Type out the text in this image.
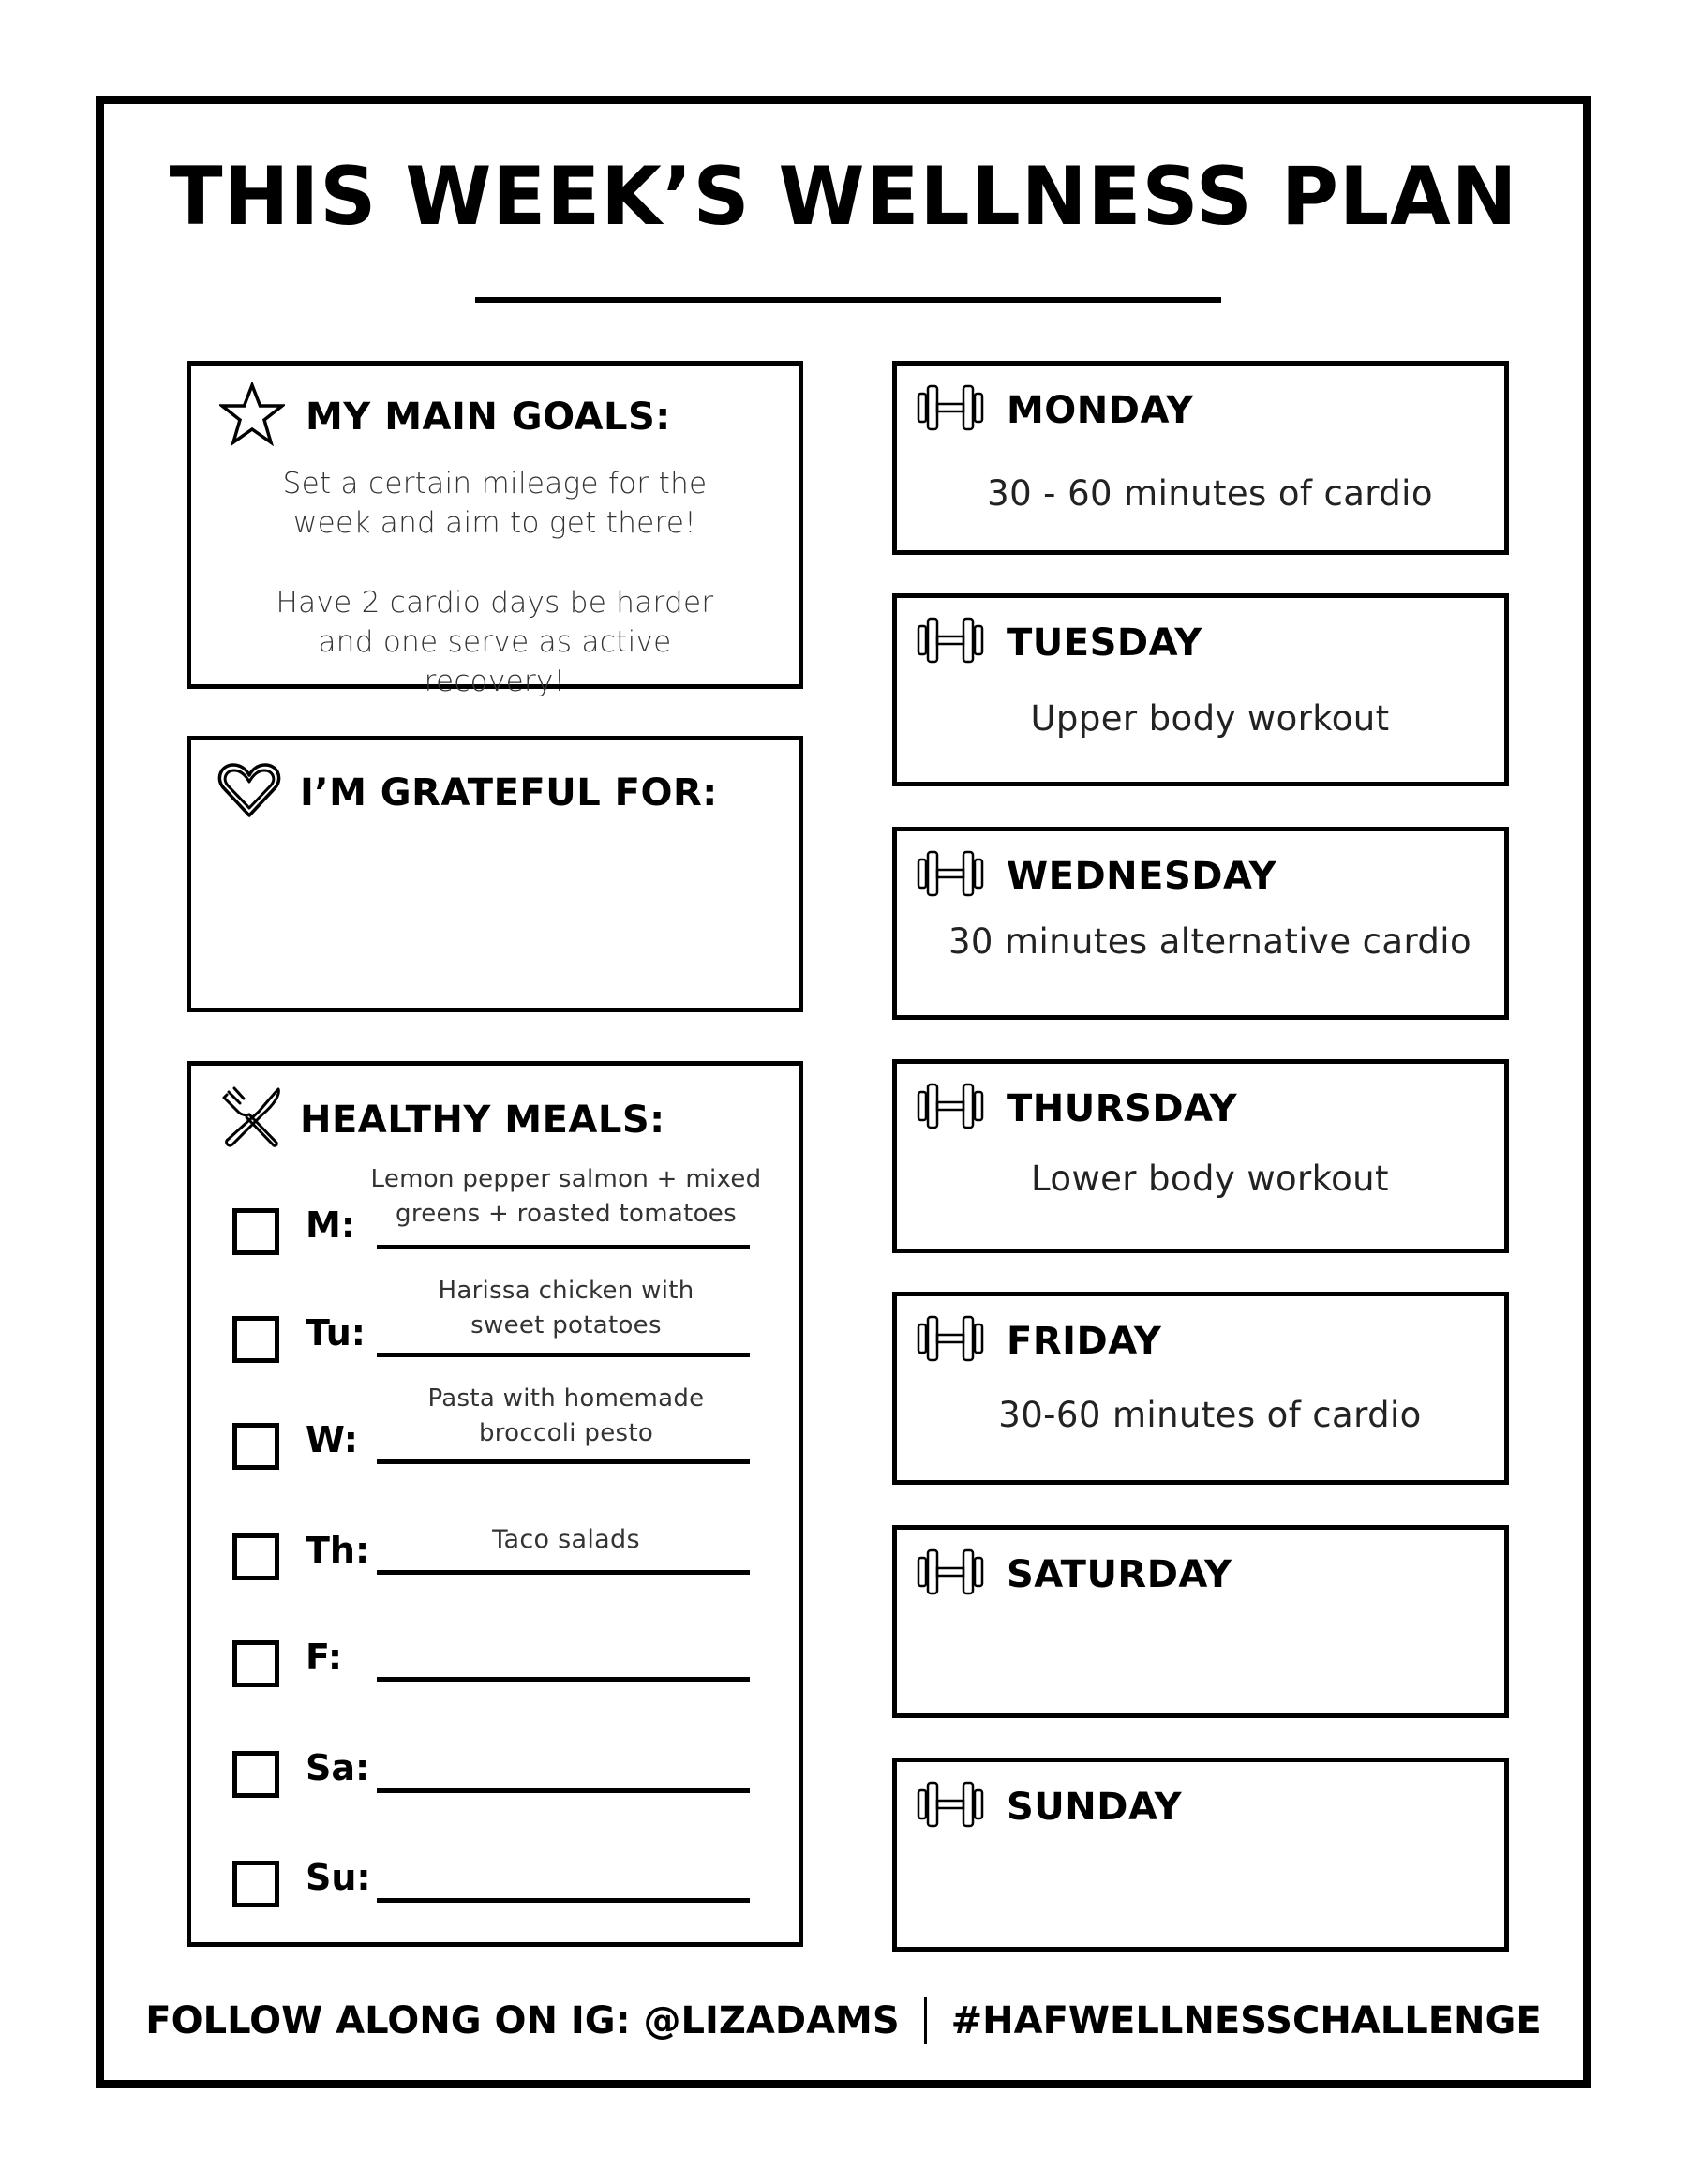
THIS WEEK’S WELLNESS PLAN
MY MAIN GOALS:

Set a certain mileage for the week and aim to get there!

Have 2 cardio days be harder and one serve as active recovery!

I’M GRATEFUL FOR:
HEALTHY MEALS:
M:
Lemon pepper salmon + mixed
greens + roasted tomatoes
Tu:
Harissa chicken with
sweet potatoes
W:
Pasta with homemade
broccoli pesto
Th:	Taco salads
F:
Sa:
Su:
MONDAY
30 - 60 minutes of cardio
TUESDAY
Upper body workout
WEDNESDAY
30 minutes alternative cardio
THURSDAY
Lower body workout
FRIDAY
30-60 minutes of cardio
SATURDAY
SUNDAY
FOLLOW ALONG ON IG: @LIZADAMS #HAFWELLNESSCHALLENGE
